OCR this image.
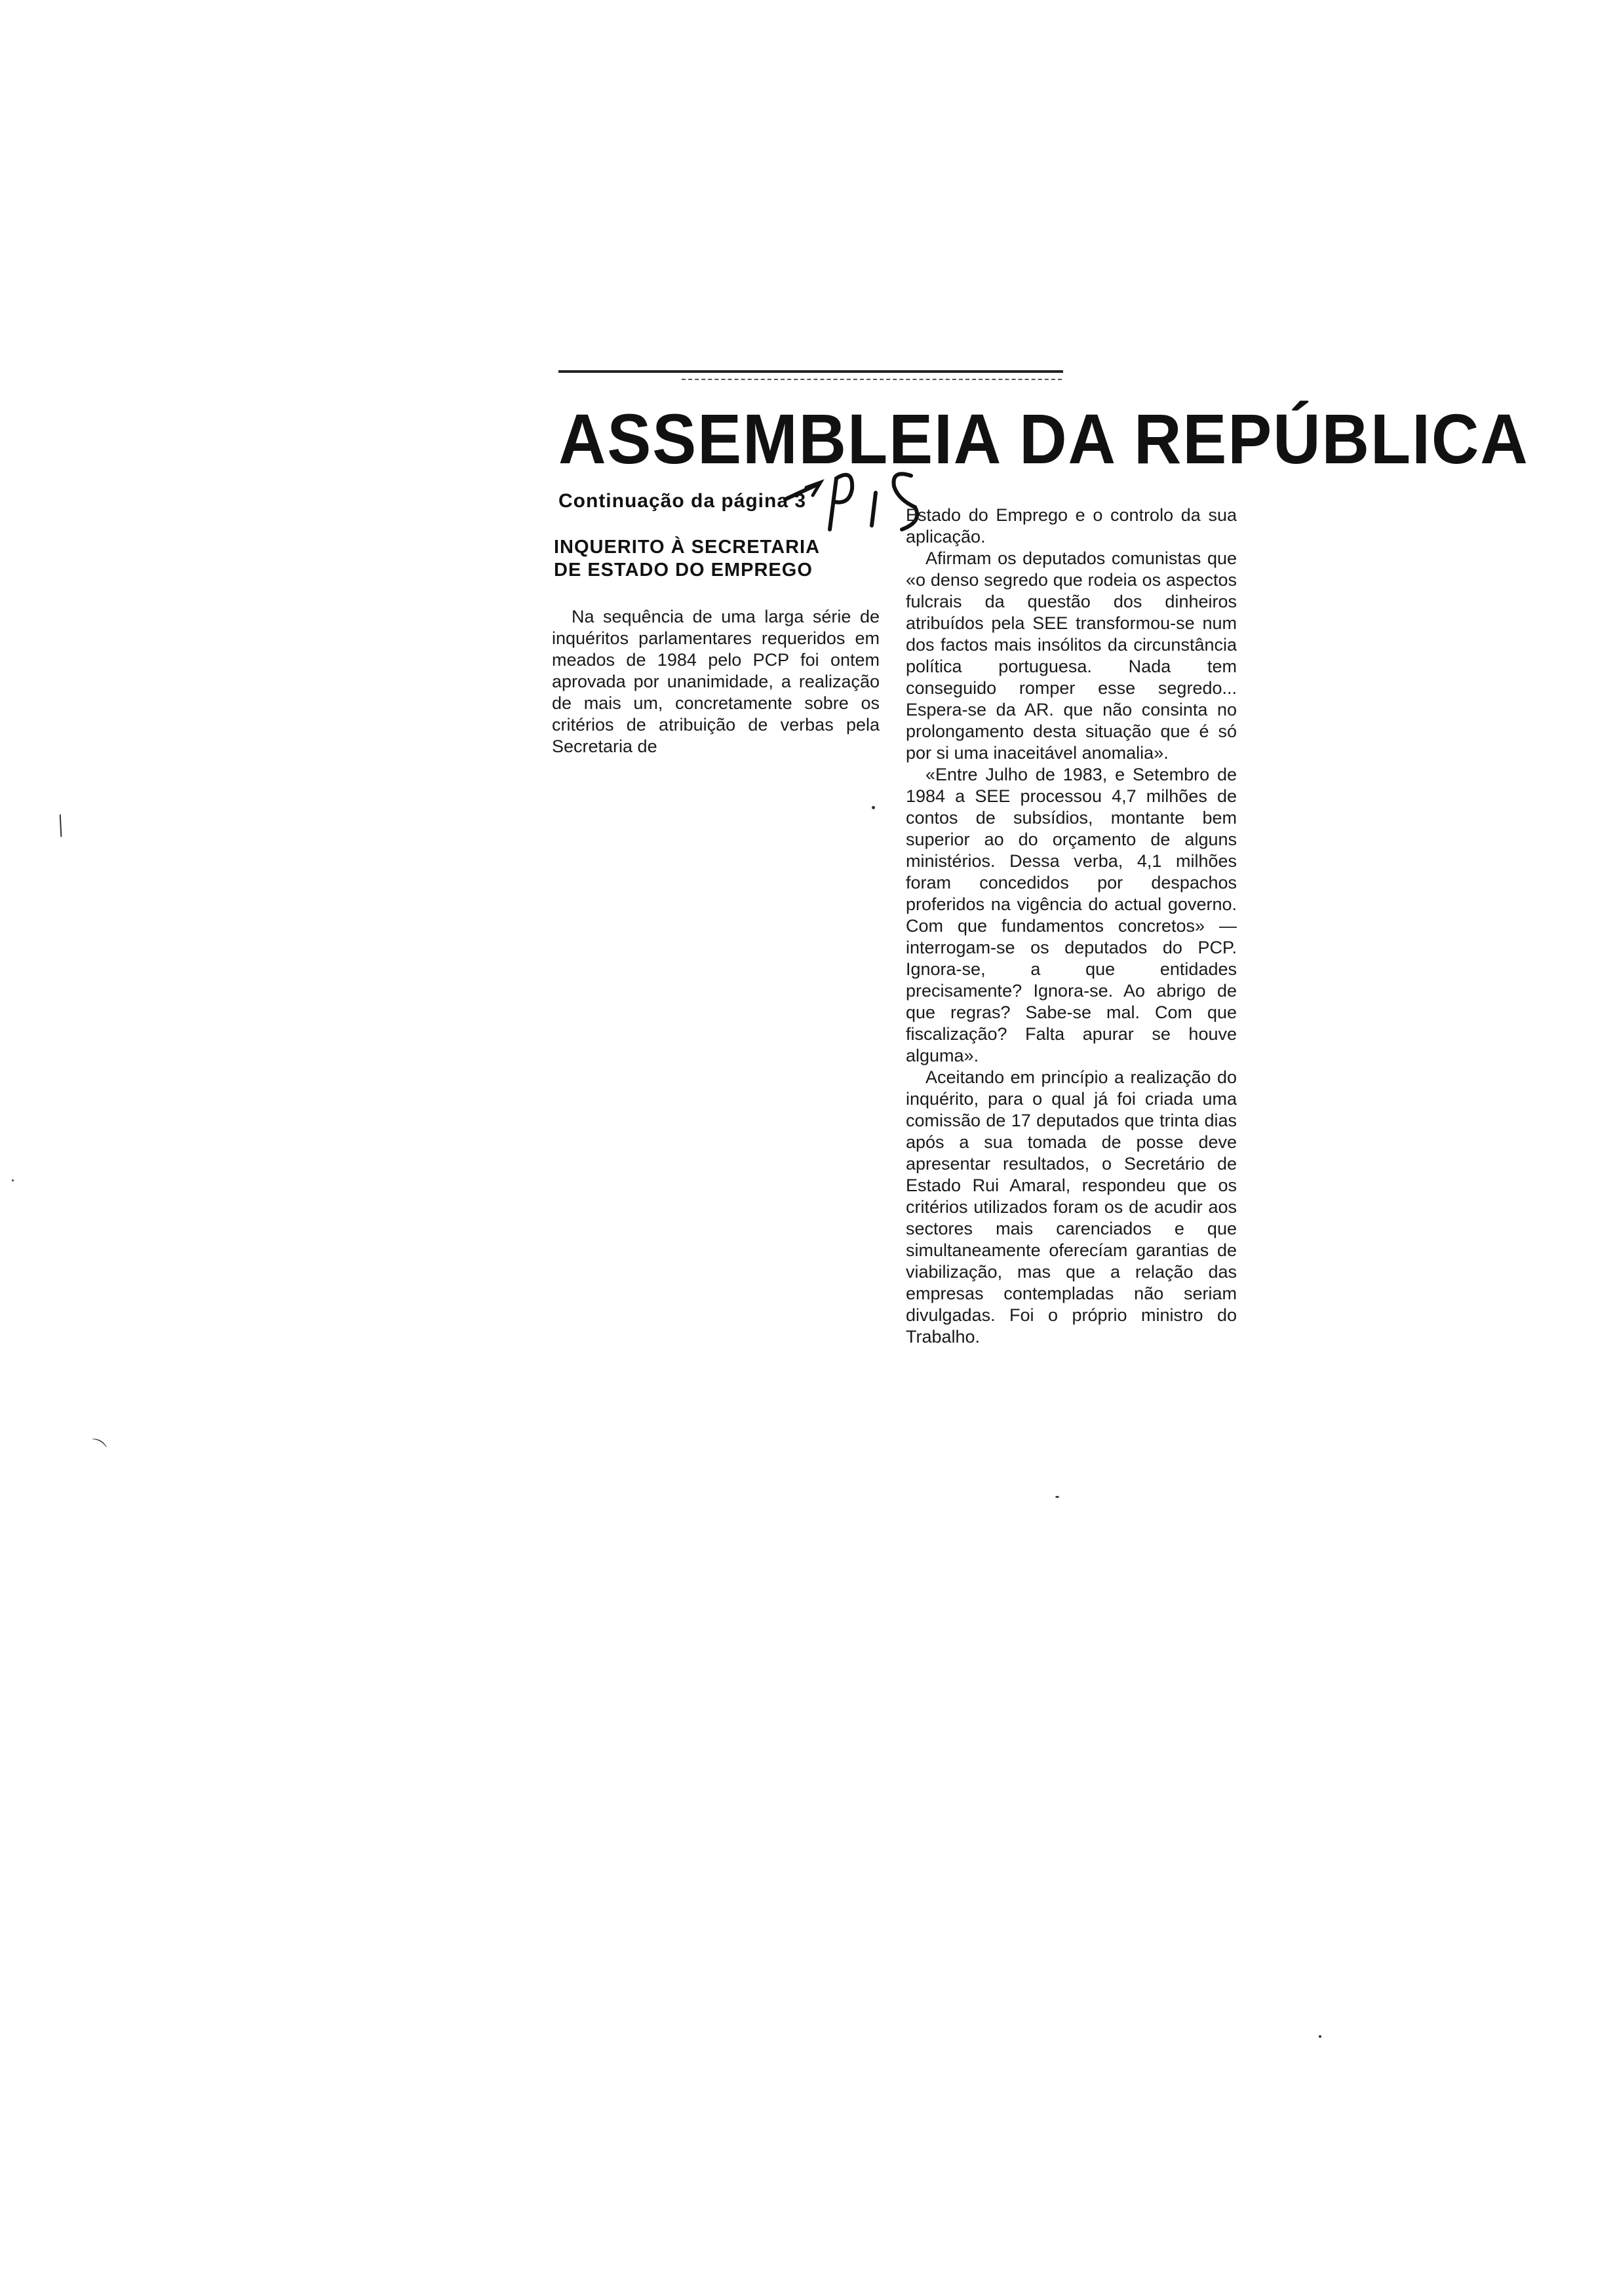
ASSEMBLEIA DA REPÚBLICA
Continuação da página 3
INQUERITO À SECRETARIA
DE ESTADO DO EMPREGO

Na sequência de uma larga série de inquéritos parlamentares requeridos em meados de 1984 pelo PCP foi ontem aprovada por unanimidade, a realização de mais um, concretamente sobre os critérios de atribuição de verbas pela Secretaria de

Estado do Emprego e o controlo da sua aplicação.

Afirmam os deputados comunistas que «o denso segredo que rodeia os aspectos fulcrais da questão dos dinheiros atribuídos pela SEE transformou-se num dos factos mais insólitos da circunstância política portuguesa. Nada tem conseguido romper esse segredo... Espera-se da AR. que não consinta no prolongamento desta situação que é só por si uma inaceitável anomalia».

«Entre Julho de 1983, e Setembro de 1984 a SEE processou 4,7 milhões de contos de subsídios, montante bem superior ao do orçamento de alguns ministérios. Dessa verba, 4,1 milhões foram concedidos por despachos proferidos na vigência do actual governo. Com que fundamentos concretos» — interrogam-se os deputados do PCP. Ignora-se, a que entidades precisamente? Ignora-se. Ao abrigo de que regras? Sabe-se mal. Com que fiscalização? Falta apurar se houve alguma».

Aceitando em princípio a realização do inquérito, para o qual já foi criada uma comissão de 17 deputados que trinta dias após a sua tomada de posse deve apresentar resultados, o Secretário de Estado Rui Amaral, respondeu que os critérios utilizados foram os de acudir aos sectores mais carenciados e que simultaneamente oferecíam garantias de viabilização, mas que a relação das empresas contempladas não seriam divulgadas. Foi o próprio ministro do Trabalho.

╱
⌒
